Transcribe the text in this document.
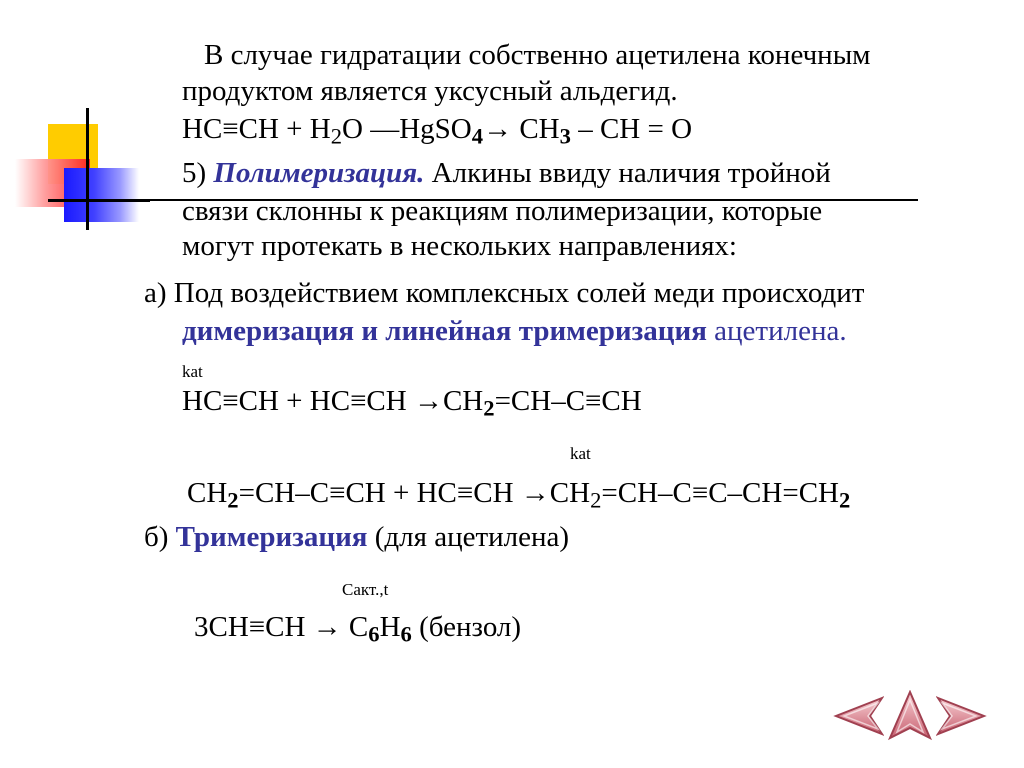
В случае гидратации собственно ацетилена конечным
продуктом является уксусный альдегид.
$HC\equiv CH + H_2O$ —HgSO4→ CH3 – CH = O
5) Полимеризация. Алкины ввиду наличия тройной
связи склонны к реакциям полимеризации, которые
могут протекать в нескольких направлениях:
а) Под воздействием комплексных солей меди происходит
димеризация и линейная тримеризация ацетилена.
kat
HC≡CH + HC≡CH →CH2=CH–C≡CH
kat
$CH2=CH-C\equiv CH + HC\equiv CH \to CH_2=CH-C\equiv C-CH=CH2$
б) Тримеризация (для ацетилена)
Сакт.,t
3CH≡CH → C6H6 (бензол)
